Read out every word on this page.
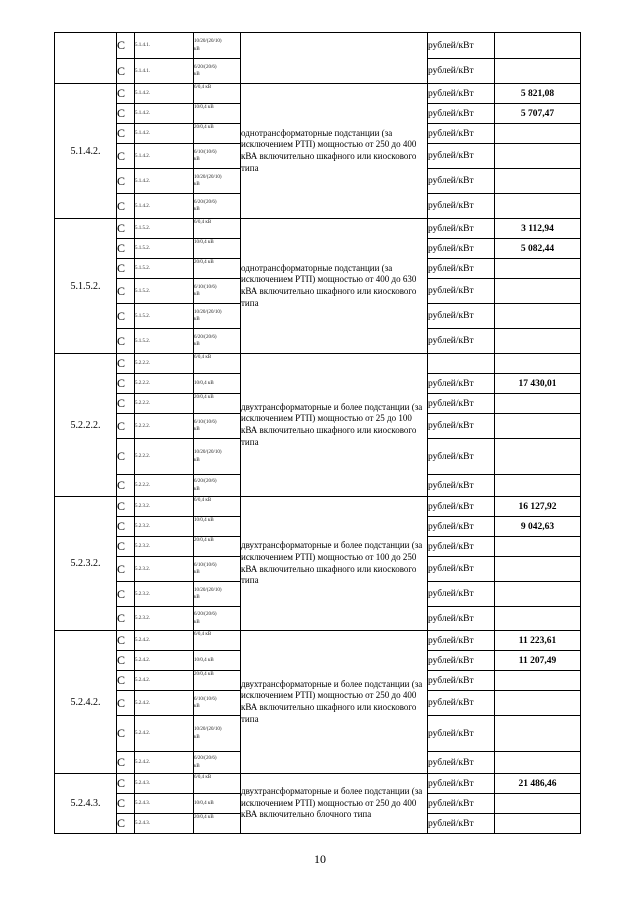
	С	5.1.4.1.	10/20/(20/10)
кВ		рублей/кВт	
	С	5.1.4.1.	6/20/(20/6)
кВ		рублей/кВт	
5.1.4.2.	С	5.1.4.2.	6/0,4 кВ	однотрансформаторные подстанции (за исключением РТП) мощностью от 250 до 400 кВА включительно шкафного или киоскового типа	рублей/кВт	5 821,08
	С	5.1.4.2.	10/0,4 кВ		рублей/кВт	5 707,47
	С	5.1.4.2.	20/0,4 кВ		рублей/кВт	
	С	5.1.4.2.	6/10/(10/6)
кВ		рублей/кВт	
	С	5.1.4.2.	10/20/(20/10)
кВ		рублей/кВт	
	С	5.1.4.2.	6/20/(20/6)
кВ		рублей/кВт	
5.1.5.2.	С	5.1.5.2.	6/0,4 кВ	однотрансформаторные подстанции (за исключением РТП) мощностью от 400 до 630 кВА включительно шкафного или киоскового типа	рублей/кВт	3 112,94
	С	5.1.5.2.	10/0,4 кВ		рублей/кВт	5 082,44
	С	5.1.5.2.	20/0,4 кВ		рублей/кВт	
	С	5.1.5.2.	6/10/(10/6)
кВ		рублей/кВт	
	С	5.1.5.2.	10/20/(20/10)
кВ		рублей/кВт	
	С	5.1.5.2.	6/20/(20/6)
кВ		рублей/кВт	
5.2.2.2.	С	5.2.2.2.	6/0,4 кВ	двухтрансформаторные и более подстанции (за исключением РТП) мощностью от 25 до 100 кВА включительно шкафного или киоскового типа		
	С	5.2.2.2.	10/0,4 кВ		рублей/кВт	17 430,01
	С	5.2.2.2.	20/0,4 кВ		рублей/кВт	
	С	5.2.2.2.	6/10/(10/6)
кВ		рублей/кВт	
	С	5.2.2.2.	10/20/(20/10)
кВ		рублей/кВт	
	С	5.2.2.2.	6/20/(20/6)
кВ		рублей/кВт	
5.2.3.2.	С	5.2.3.2.	6/0,4 кВ	двухтрансформаторные и более подстанции (за исключением РТП) мощностью от 100 до 250 кВА включительно шкафного или киоскового типа	рублей/кВт	16 127,92
	С	5.2.3.2.	10/0,4 кВ		рублей/кВт	9 042,63
	С	5.2.3.2.	20/0,4 кВ		рублей/кВт	
	С	5.2.3.2.	6/10/(10/6)
кВ		рублей/кВт	
	С	5.2.3.2.	10/20/(20/10)
кВ		рублей/кВт	
	С	5.2.3.2.	6/20/(20/6)
кВ		рублей/кВт	
5.2.4.2.	С	5.2.4.2.	6/0,4 кВ	двухтрансформаторные и более подстанции (за исключением РТП) мощностью от 250 до 400 кВА включительно шкафного или киоскового типа	рублей/кВт	11 223,61
	С	5.2.4.2.	10/0,4 кВ		рублей/кВт	11 207,49
	С	5.2.4.2.	20/0,4 кВ		рублей/кВт	
	С	5.2.4.2.	6/10/(10/6)
кВ		рублей/кВт	
	С	5.2.4.2.	10/20/(20/10)
кВ		рублей/кВт	
	С	5.2.4.2.	6/20/(20/6)
кВ		рублей/кВт	
5.2.4.3.	С	5.2.4.3.	6/0,4 кВ	двухтрансформаторные и более подстанции (за исключением РТП) мощностью от 250 до 400 кВА включительно блочного типа	рублей/кВт	21 486,46
	С	5.2.4.3.	10/0,4 кВ		рублей/кВт	
	С	5.2.4.3.	20/0,4 кВ		рублей/кВт	
10
